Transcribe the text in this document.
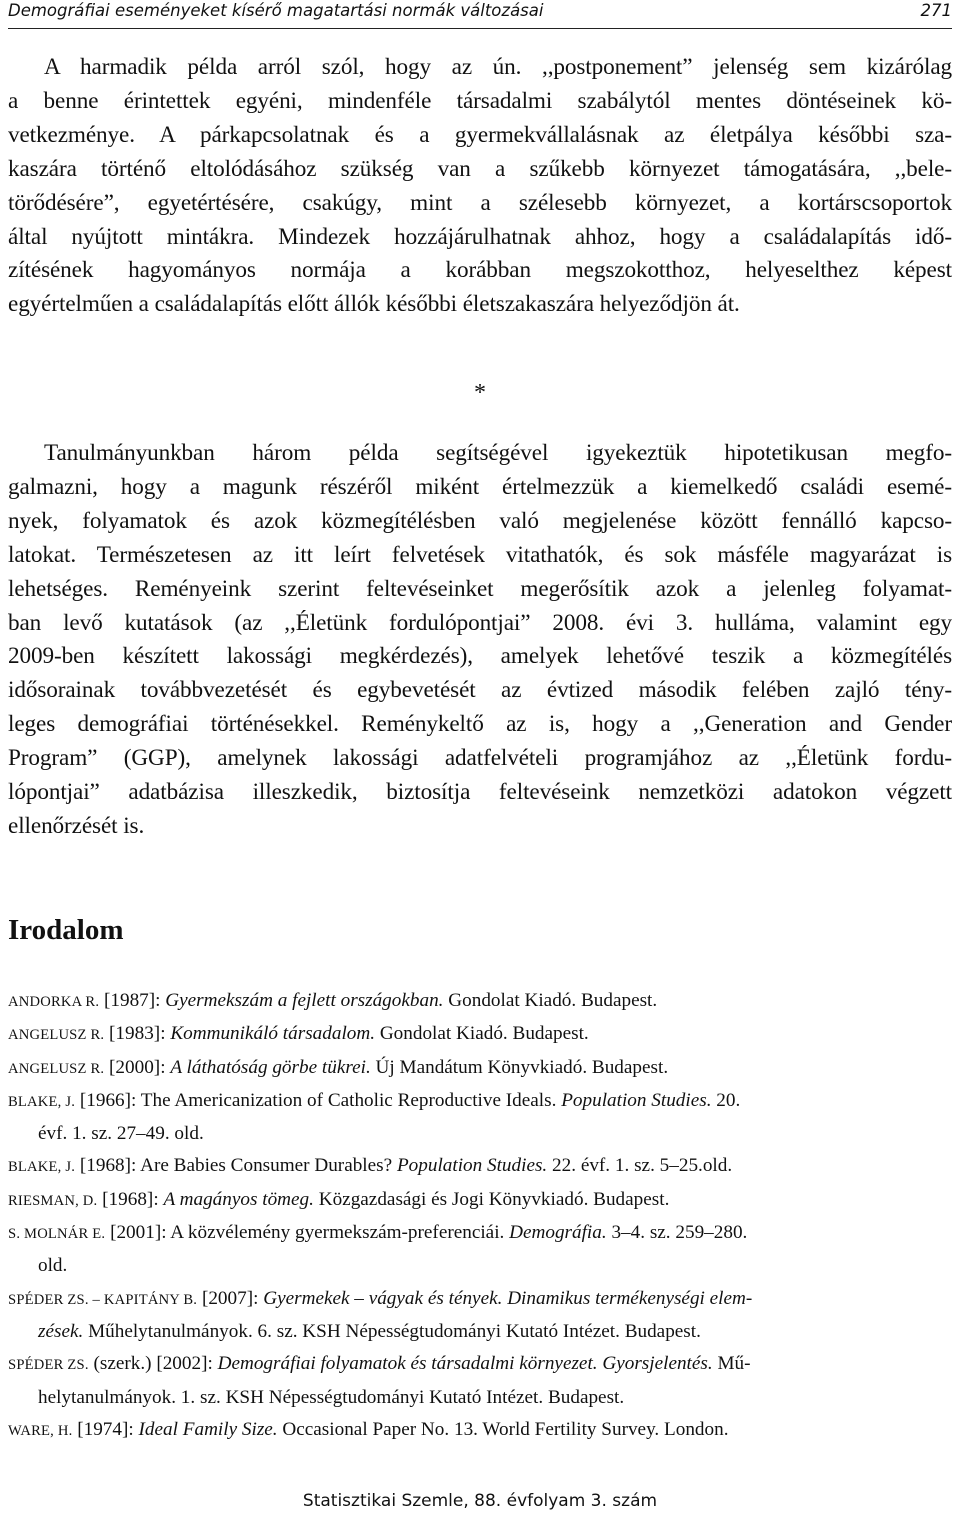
Demográfiai eseményeket kísérő magatartási normák változásai	271
A harmadik példa arról szól, hogy az ún. ,,postponement” jelenség sem kizárólag
a benne érintettek egyéni, mindenféle társadalmi szabálytól mentes döntéseinek kö-
vetkezménye. A párkapcsolatnak és a gyermekvállalásnak az életpálya későbbi sza-
kaszára történő eltolódásához szükség van a szűkebb környezet támogatására, ,,bele-
törődésére”, egyetértésére, csakúgy, mint a szélesebb környezet, a kortárscsoportok
által nyújtott mintákra. Mindezek hozzájárulhatnak ahhoz, hogy a családalapítás idő-
zítésének hagyományos normája a korábban megszokotthoz, helyeselthez képest
egyértelműen a családalapítás előtt állók későbbi életszakaszára helyeződjön át.
*
Tanulmányunkban három példa segítségével igyekeztük hipotetikusan megfo-
galmazni, hogy a magunk részéről miként értelmezzük a kiemelkedő családi esemé-
nyek, folyamatok és azok közmegítélésben való megjelenése között fennálló kapcso-
latokat. Természetesen az itt leírt felvetések vitathatók, és sok másféle magyarázat is
lehetséges. Reményeink szerint feltevéseinket megerősítik azok a jelenleg folyamat-
ban levő kutatások (az ,,Életünk fordulópontjai” 2008. évi 3. hulláma, valamint egy
2009-ben készített lakossági megkérdezés), amelyek lehetővé teszik a közmegítélés
idősorainak továbbvezetését és egybevetését az évtized második felében zajló tény-
leges demográfiai történésekkel. Reménykeltő az is, hogy a ,,Generation and Gender
Program” (GGP), amelynek lakossági adatfelvételi programjához az ,,Életünk fordu-
lópontjai” adatbázisa illeszkedik, biztosítja feltevéseink nemzetközi adatokon végzett
ellenőrzését is.
Irodalom
ANDORKA R. [1987]: Gyermekszám a fejlett országokban. Gondolat Kiadó. Budapest.
ANGELUSZ R. [1983]: Kommunikáló társadalom. Gondolat Kiadó. Budapest.
ANGELUSZ R. [2000]: A láthatóság görbe tükrei. Új Mandátum Könyvkiadó. Budapest.
BLAKE, J. [1966]: The Americanization of Catholic Reproductive Ideals. Population Studies. 20.
évf. 1. sz. 27–49. old.
BLAKE, J. [1968]: Are Babies Consumer Durables? Population Studies. 22. évf. 1. sz. 5–25.old.
RIESMAN, D. [1968]: A magányos tömeg. Közgazdasági és Jogi Könyvkiadó. Budapest.
S. MOLNÁR E. [2001]: A közvélemény gyermekszám-preferenciái. Demográfia. 3–4. sz. 259–280.
old.
SPÉDER ZS. – KAPITÁNY B. [2007]: Gyermekek – vágyak és tények. Dinamikus termékenységi elem-
zések. Műhelytanulmányok. 6. sz. KSH Népességtudományi Kutató Intézet. Budapest.
SPÉDER ZS. (szerk.) [2002]: Demográfiai folyamatok és társadalmi környezet. Gyorsjelentés. Mű-
helytanulmányok. 1. sz. KSH Népességtudományi Kutató Intézet. Budapest.
WARE, H. [1974]: Ideal Family Size. Occasional Paper No. 13. World Fertility Survey. London.
Statisztikai Szemle, 88. évfolyam 3. szám
